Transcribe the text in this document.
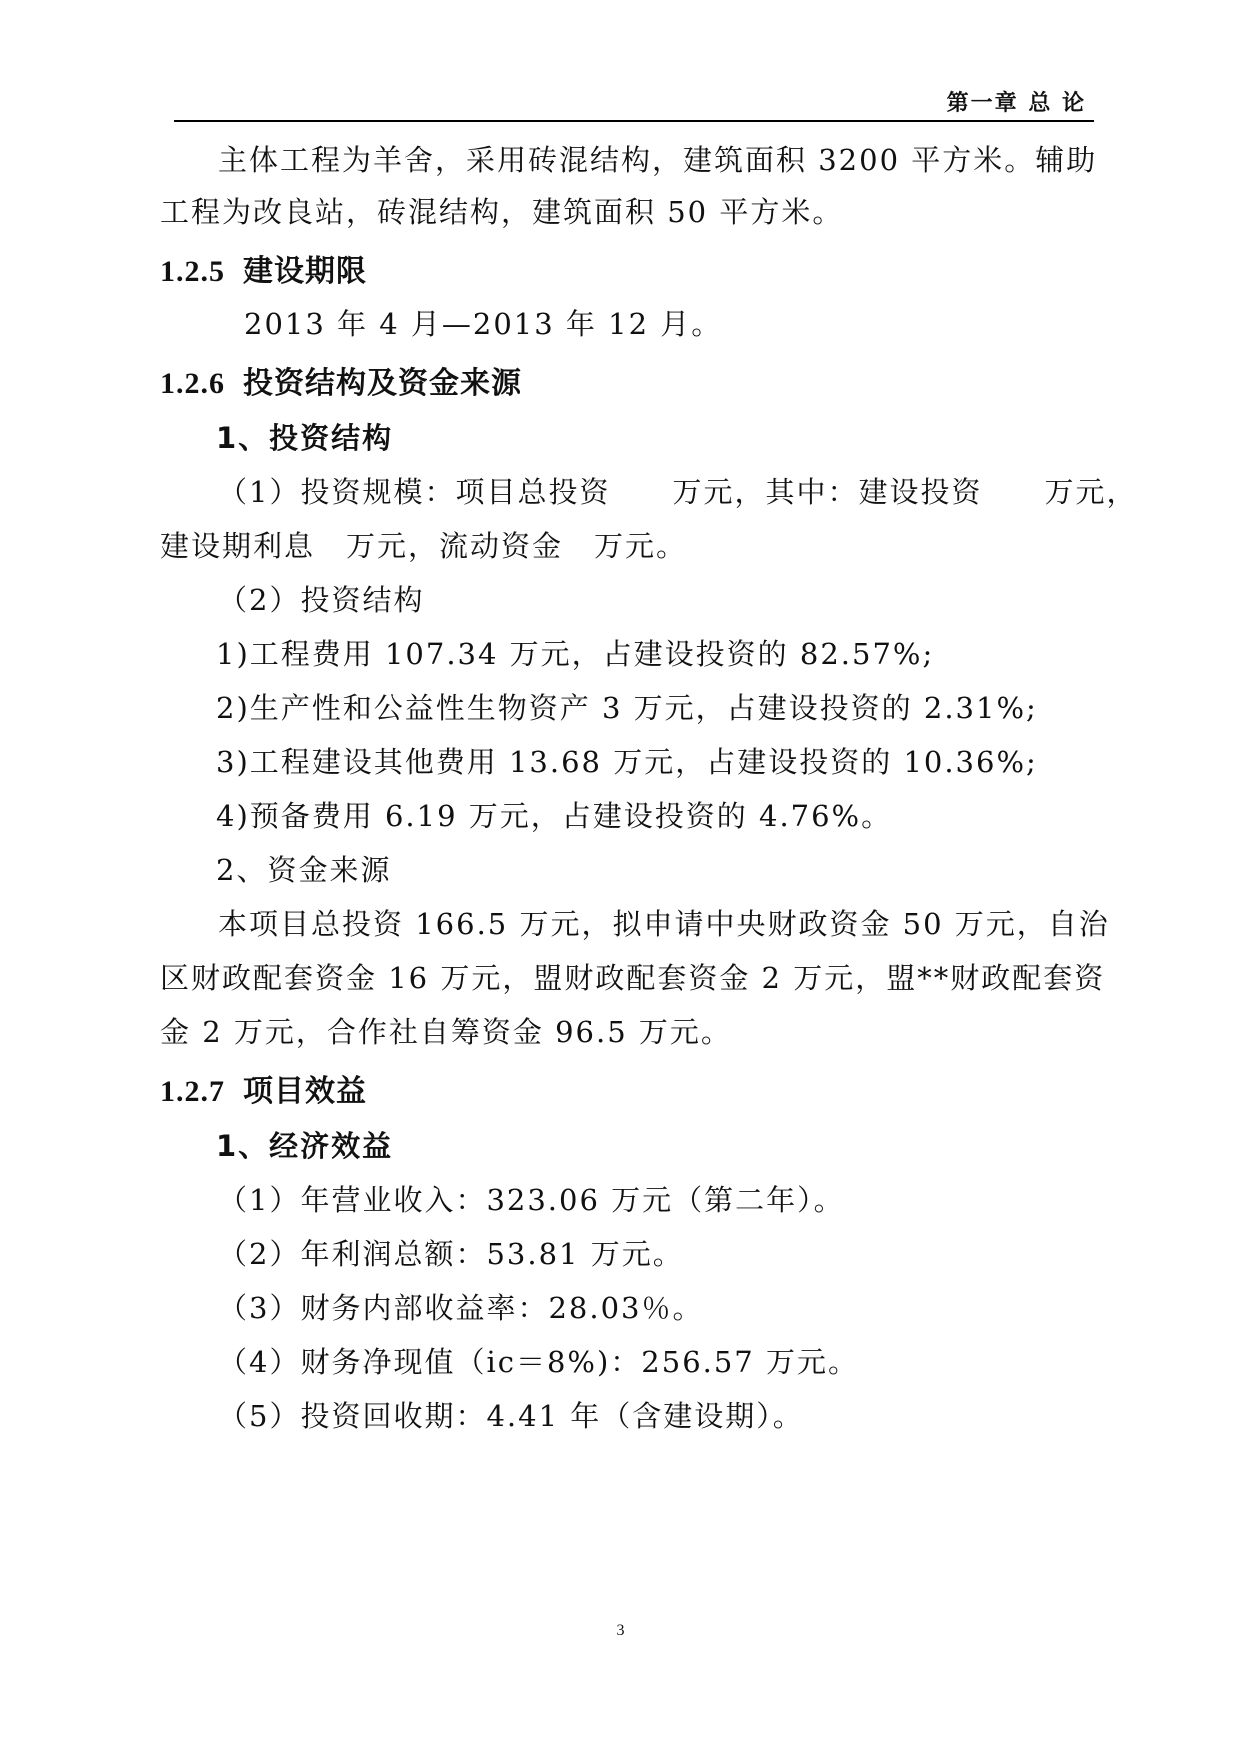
第一章 总 论
主体工程为羊舍，采用砖混结构，建筑面积 3200 平方米。辅助
工程为改良站，砖混结构，建筑面积 50 平方米。
1.2.5 建设期限
2013 年 4 月—2013 年 12 月。
1.2.6 投资结构及资金来源
1、投资结构
（1）投资规模：项目总投资　　万元，其中：建设投资　　万元，
建设期利息　万元，流动资金　万元。
（2）投资结构
1)工程费用 107.34 万元，占建设投资的 82.57%;
2)生产性和公益性生物资产 3 万元，占建设投资的 2.31%;
3)工程建设其他费用 13.68 万元，占建设投资的 10.36%;
4)预备费用 6.19 万元，占建设投资的 4.76%。
2、资金来源
本项目总投资 166.5 万元，拟申请中央财政资金 50 万元，自治
区财政配套资金 16 万元，盟财政配套资金 2 万元，盟**财政配套资
金 2 万元，合作社自筹资金 96.5 万元。
1.2.7 项目效益
1、经济效益
（1）年营业收入：323.06 万元（第二年）。
（2）年利润总额：53.81 万元。
（3）财务内部收益率：28.03％。
（4）财务净现值（ic＝8%)：256.57 万元。
（5）投资回收期：4.41 年（含建设期）。
3
